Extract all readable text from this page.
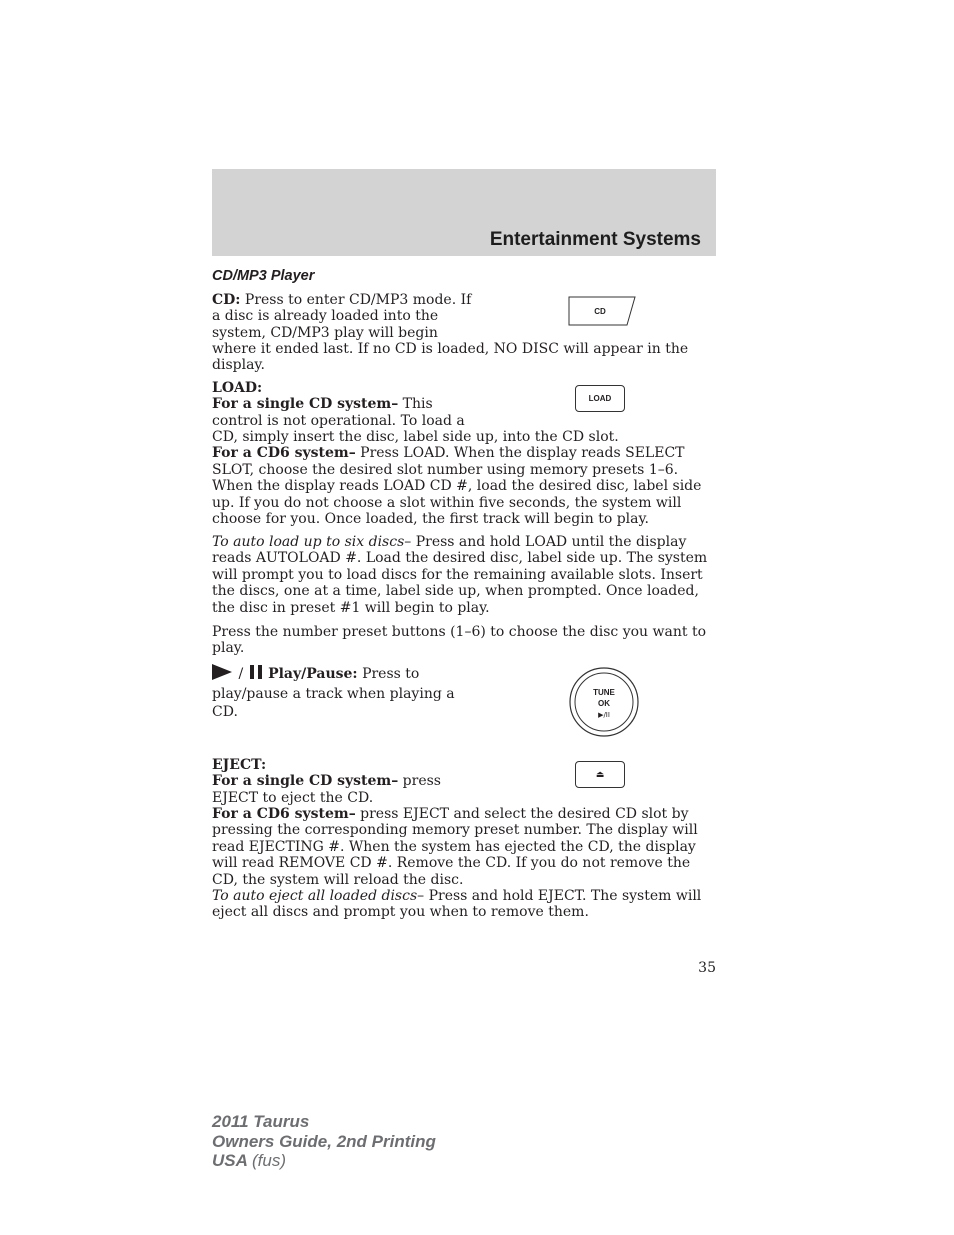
Entertainment Systems
CD/MP3 Player

CD: Press to enter CD/MP3 mode. If a disc is already loaded into the system, CD/MP3 play will begin

where it ended last. If no CD is loaded, NO DISC will appear in the display.

CD

LOAD:
For a single CD system– This control is not operational. To load a

CD, simply insert the disc, label side up, into the CD slot.
For a CD6 system– Press LOAD. When the display reads SELECT SLOT, choose the desired slot number using memory presets 1–6. When the display reads LOAD CD #, load the desired disc, label side up. If you do not choose a slot within five seconds, the system will choose for you. Once loaded, the first track will begin to play.

LOAD

To auto load up to six discs– Press and hold LOAD until the display reads AUTOLOAD #. Load the desired disc, label side up. The system will prompt you to load discs for the remaining available slots. Insert the discs, one at a time, label side up, when prompted. Once loaded, the disc in preset #1 will begin to play.

Press the number preset buttons (1–6) to choose the disc you want to play.

/ Play/Pause: Press to play/pause a track when playing a CD.
TUNE
OK
▶/II

EJECT:
For a single CD system– press EJECT to eject the CD.

For a CD6 system– press EJECT and select the desired CD slot by pressing the corresponding memory preset number. The display will read EJECTING #. When the system has ejected the CD, the display will read REMOVE CD #. Remove the CD. If you do not remove the CD, the system will reload the disc.
To auto eject all loaded discs– Press and hold EJECT. The system will eject all discs and prompt you when to remove them.

⏏
35
2011 Taurus
Owners Guide, 2nd Printing
USA (fus)
